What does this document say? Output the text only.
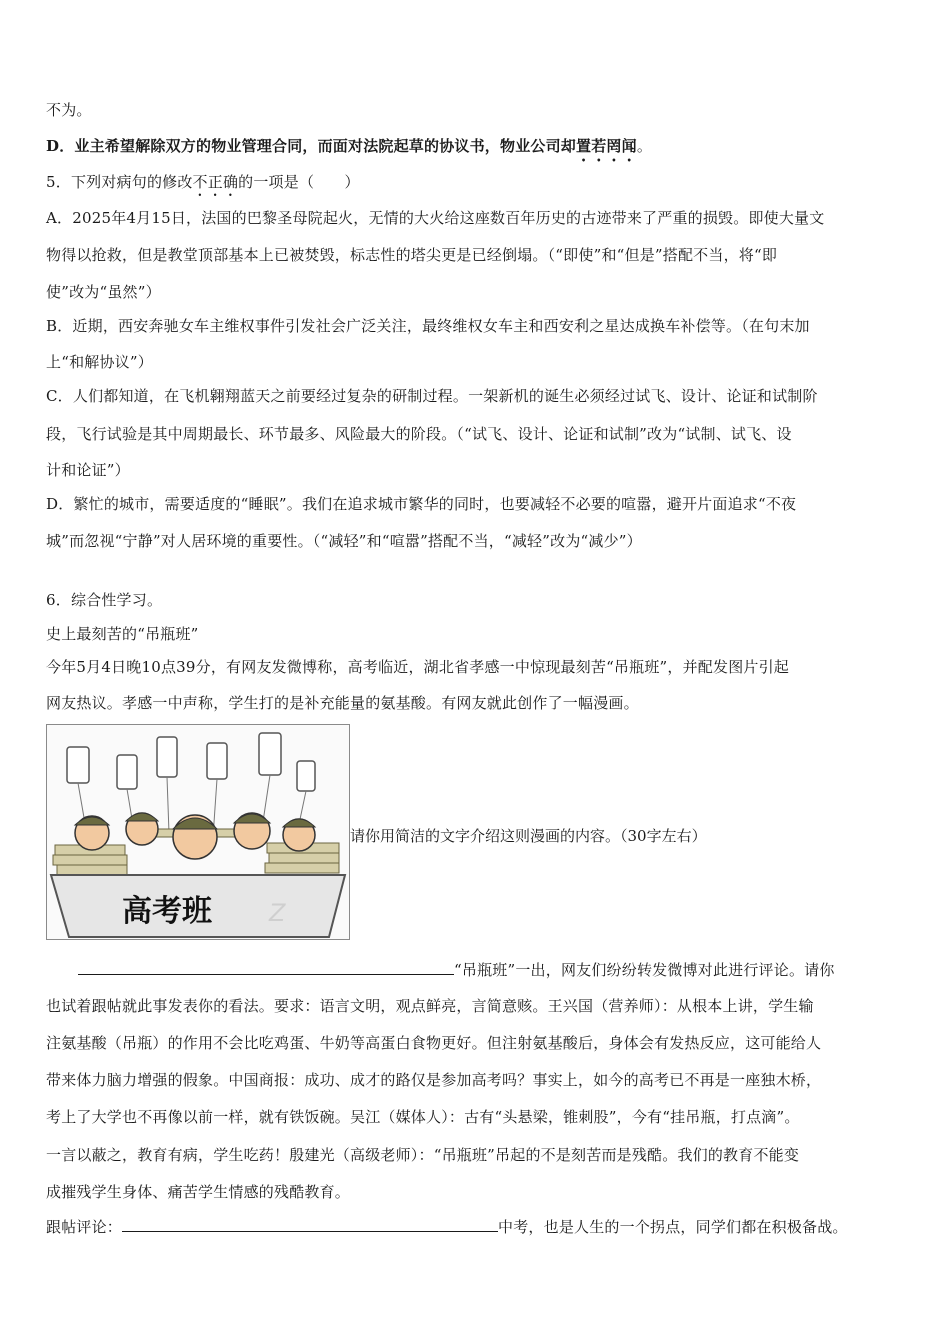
不为。
D．业主希望解除双方的物业管理合同，而面对法院起草的协议书，物业公司却置若罔闻。
5．下列对病句的修改不正确的一项是（　　）
A．2025年4月15日，法国的巴黎圣母院起火，无情的大火给这座数百年历史的古迹带来了严重的损毁。即使大量文
物得以抢救，但是教堂顶部基本上已被焚毁，标志性的塔尖更是已经倒塌。（“即使”和“但是”搭配不当，将“即
使”改为“虽然”）
B．近期，西安奔驰女车主维权事件引发社会广泛关注，最终维权女车主和西安利之星达成换车补偿等。（在句末加
上“和解协议”）
C．人们都知道，在飞机翱翔蓝天之前要经过复杂的研制过程。一架新机的诞生必须经过试飞、设计、论证和试制阶
段，飞行试验是其中周期最长、环节最多、风险最大的阶段。（“试飞、设计、论证和试制”改为“试制、试飞、设
计和论证”）
D．繁忙的城市，需要适度的“睡眠”。我们在追求城市繁华的同时，也要减轻不必要的喧嚣，避开片面追求“不夜
城”而忽视“宁静”对人居环境的重要性。（“减轻”和“喧嚣”搭配不当，“减轻”改为“减少”）
6．综合性学习。
史上最刻苦的“吊瓶班”
今年5月4日晚10点39分，有网友发微博称，高考临近，湖北省孝感一中惊现最刻苦“吊瓶班”，并配发图片引起
网友热议。孝感一中声称，学生打的是补充能量的氨基酸。有网友就此创作了一幅漫画。
高考班 Z
请你用简洁的文字介绍这则漫画的内容。（30字左右）
“吊瓶班”一出，网友们纷纷转发微博对此进行评论。请你
也试着跟帖就此事发表你的看法。要求：语言文明，观点鲜亮，言简意赅。王兴国（营养师）：从根本上讲，学生输
注氨基酸（吊瓶）的作用不会比吃鸡蛋、牛奶等高蛋白食物更好。但注射氨基酸后，身体会有发热反应，这可能给人
带来体力脑力增强的假象。中国商报：成功、成才的路仅是参加高考吗？事实上，如今的高考已不再是一座独木桥，
考上了大学也不再像以前一样，就有铁饭碗。吴江（媒体人）：古有“头悬梁，锥刺股”，今有“挂吊瓶，打点滴”。
一言以蔽之，教育有病，学生吃药！殷建光（高级老师）：“吊瓶班”吊起的不是刻苦而是残酷。我们的教育不能变
成摧残学生身体、痛苦学生情感的残酷教育。
跟帖评论：	中考，也是人生的一个拐点，同学们都在积极备战。
